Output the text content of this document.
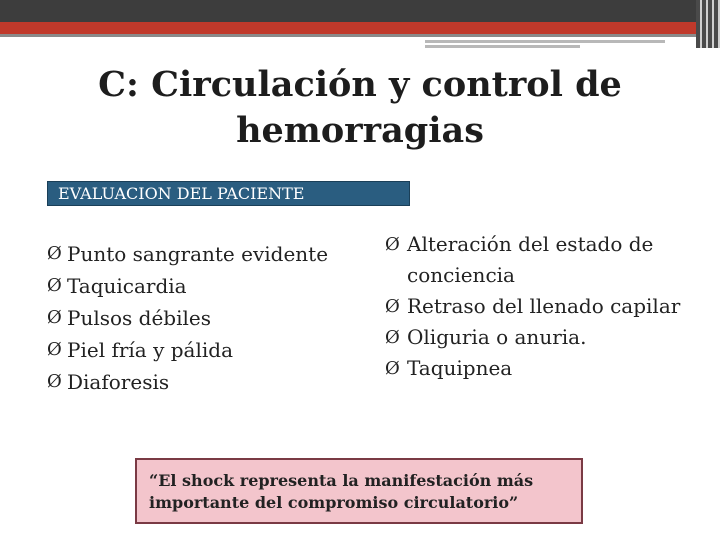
C: Circulación y control de hemorragias
EVALUACION DEL PACIENTE
Ø Punto sangrante evidente
Ø Taquicardia
Ø Pulsos débiles
Ø Piel fría y pálida
Ø Diaforesis
Ø Alteración del estado de conciencia
Ø Retraso del llenado capilar
Ø Oliguria o anuria.
Ø Taquipnea
“El shock representa la manifestación más importante del compromiso circulatorio”
